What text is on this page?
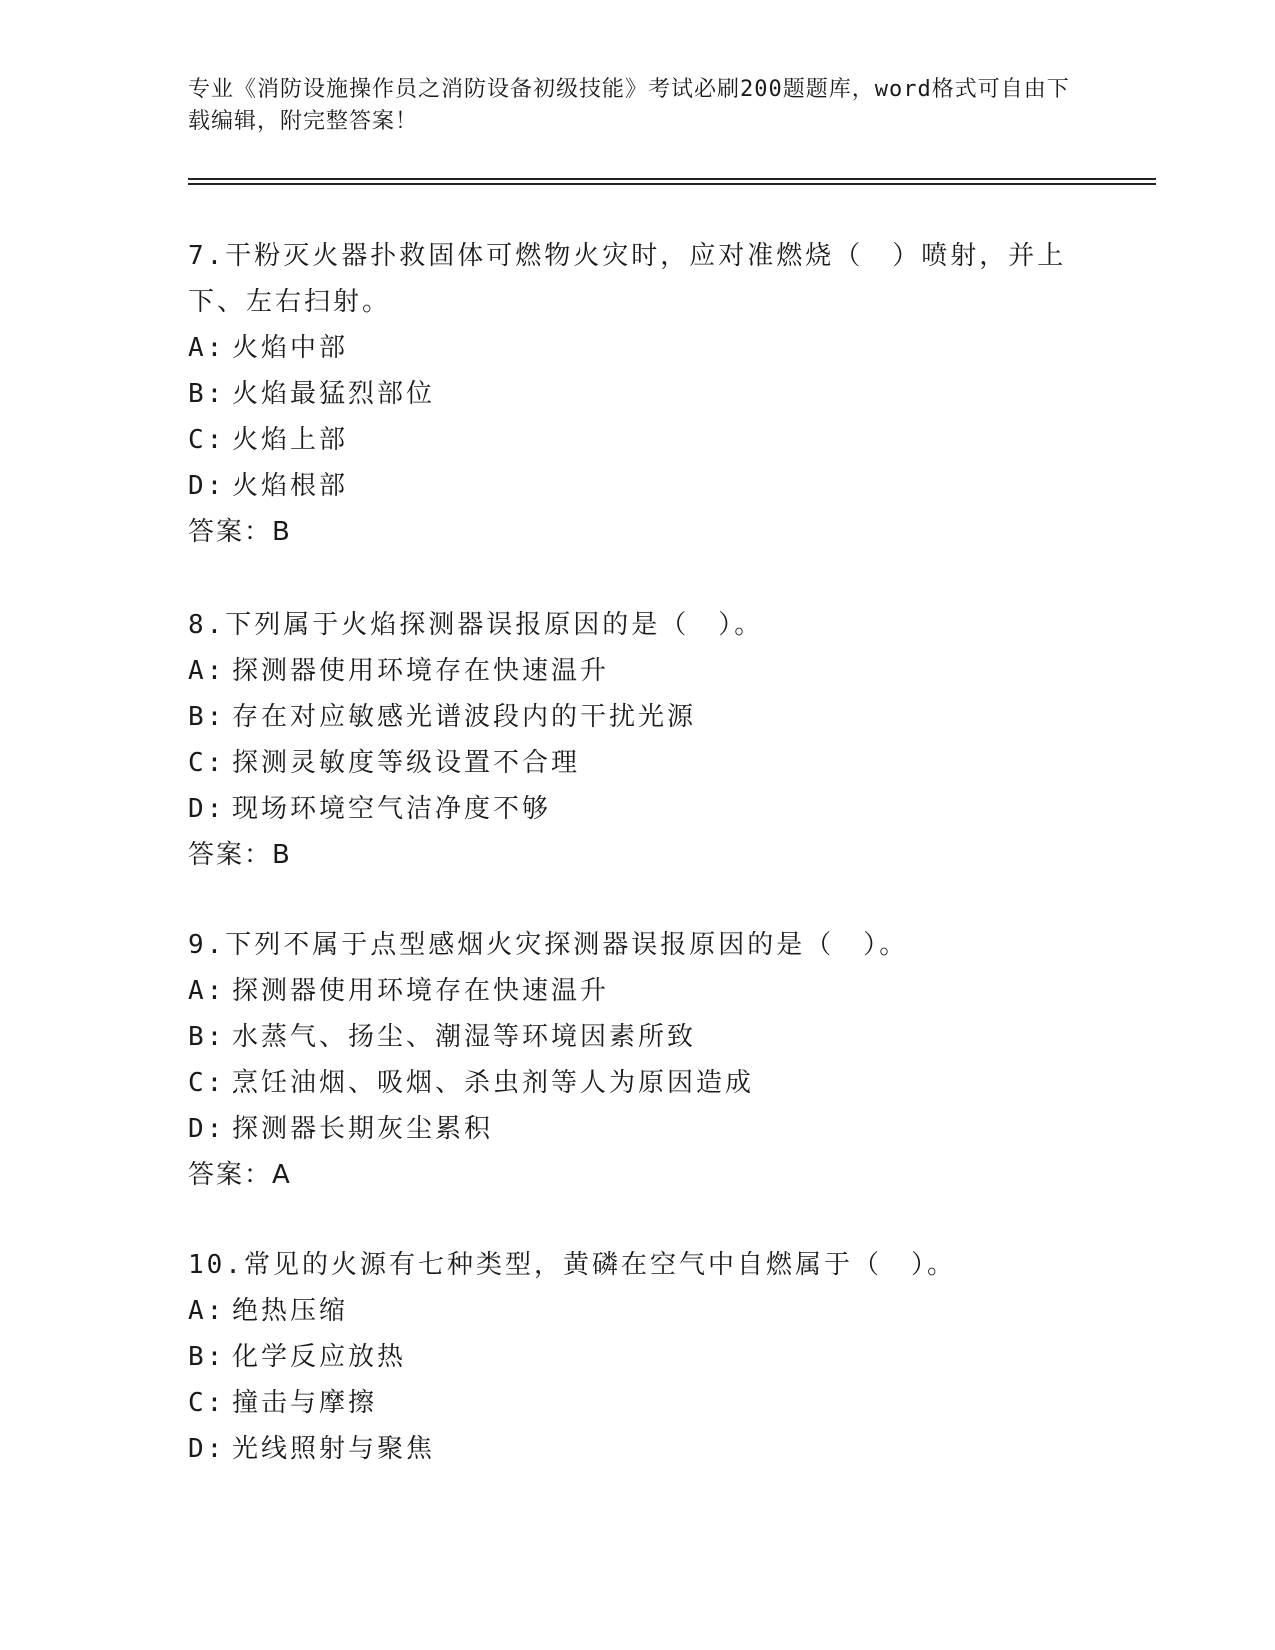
专业《消防设施操作员之消防设备初级技能》考试必刷200题题库，word格式可自由下载编辑，附完整答案！
7.干粉灭火器扑救固体可燃物火灾时，应对准燃烧（　）喷射，并上下、左右扫射。
A: 火焰中部
B: 火焰最猛烈部位
C: 火焰上部
D: 火焰根部
答案：B
8.下列属于火焰探测器误报原因的是（　）。
A: 探测器使用环境存在快速温升
B: 存在对应敏感光谱波段内的干扰光源
C: 探测灵敏度等级设置不合理
D: 现场环境空气洁净度不够
答案：B
9.下列不属于点型感烟火灾探测器误报原因的是（　）。
A: 探测器使用环境存在快速温升
B: 水蒸气、扬尘、潮湿等环境因素所致
C: 烹饪油烟、吸烟、杀虫剂等人为原因造成
D: 探测器长期灰尘累积
答案：A
10.常见的火源有七种类型，黄磷在空气中自燃属于（　）。
A: 绝热压缩
B: 化学反应放热
C: 撞击与摩擦
D: 光线照射与聚焦
